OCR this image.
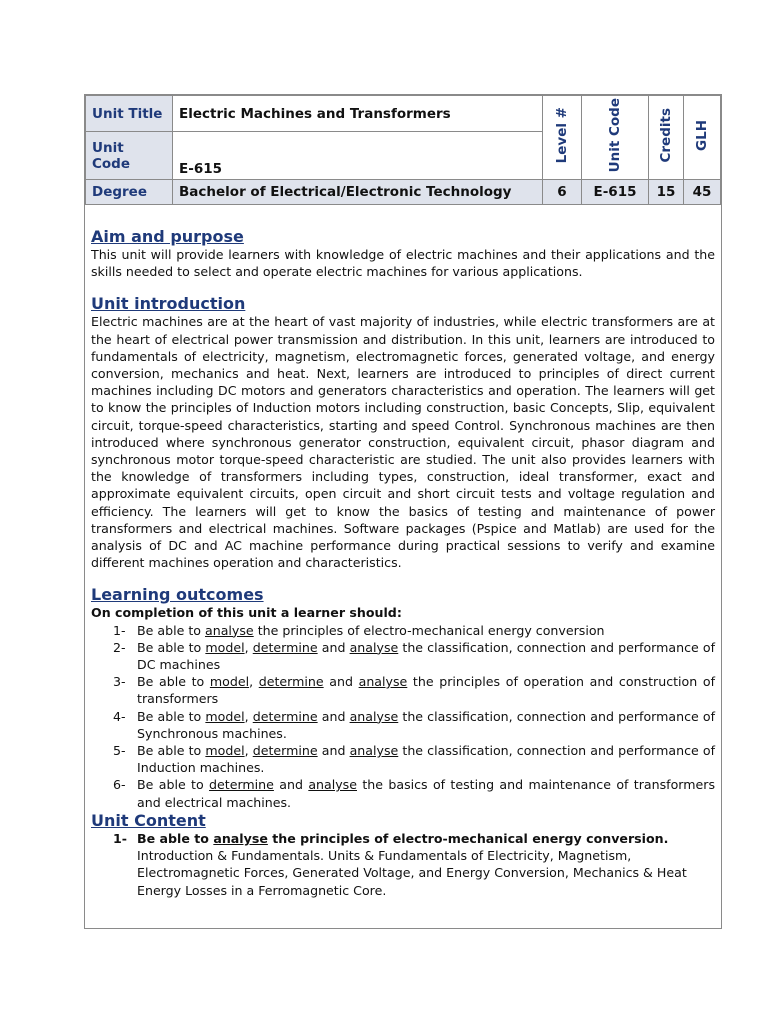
Unit Title	Electric Machines and Transformers	Level #	Unit Code	Credits	GLH
Unit Code	E-615				
Degree	Bachelor of Electrical/Electronic Technology	6	E-615	15	45
Aim and purpose

This unit will provide learners with knowledge of electric machines and their applications and the skills needed to select and operate electric machines for various applications.

Unit introduction

Electric machines are at the heart of vast majority of industries, while electric transformers are at the heart of electrical power transmission and distribution. In this unit, learners are introduced to fundamentals of electricity, magnetism, electromagnetic forces, generated voltage, and energy conversion, mechanics and heat. Next, learners are introduced to principles of direct current machines including DC motors and generators characteristics and operation. The learners will get to know the principles of Induction motors including construction, basic Concepts, Slip, equivalent circuit, torque-speed characteristics, starting and speed Control. Synchronous machines are then introduced where synchronous generator construction, equivalent circuit, phasor diagram and synchronous motor torque-speed characteristic are studied. The unit also provides learners with the knowledge of transformers including types, construction, ideal transformer, exact and approximate equivalent circuits, open circuit and short circuit tests and voltage regulation and efficiency. The learners will get to know the basics of testing and maintenance of power transformers and electrical machines. Software packages (Pspice and Matlab) are used for the analysis of DC and AC machine performance during practical sessions to verify and examine different machines operation and characteristics.

Learning outcomes

On completion of this unit a learner should:

1- Be able to analyse the principles of electro-mechanical energy conversion
2- Be able to model, determine and analyse the classification, connection and performance of DC machines
3- Be able to model, determine and analyse the principles of operation and construction of transformers
4- Be able to model, determine and analyse the classification, connection and performance of Synchronous machines.
5- Be able to model, determine and analyse the classification, connection and performance of Induction machines.
6- Be able to determine and analyse the basics of testing and maintenance of transformers and electrical machines.
Unit Content
1- Be able to analyse the principles of electro-mechanical energy conversion.
Introduction & Fundamentals. Units & Fundamentals of Electricity, Magnetism, Electromagnetic Forces, Generated Voltage, and Energy Conversion, Mechanics & Heat Energy Losses in a Ferromagnetic Core.
